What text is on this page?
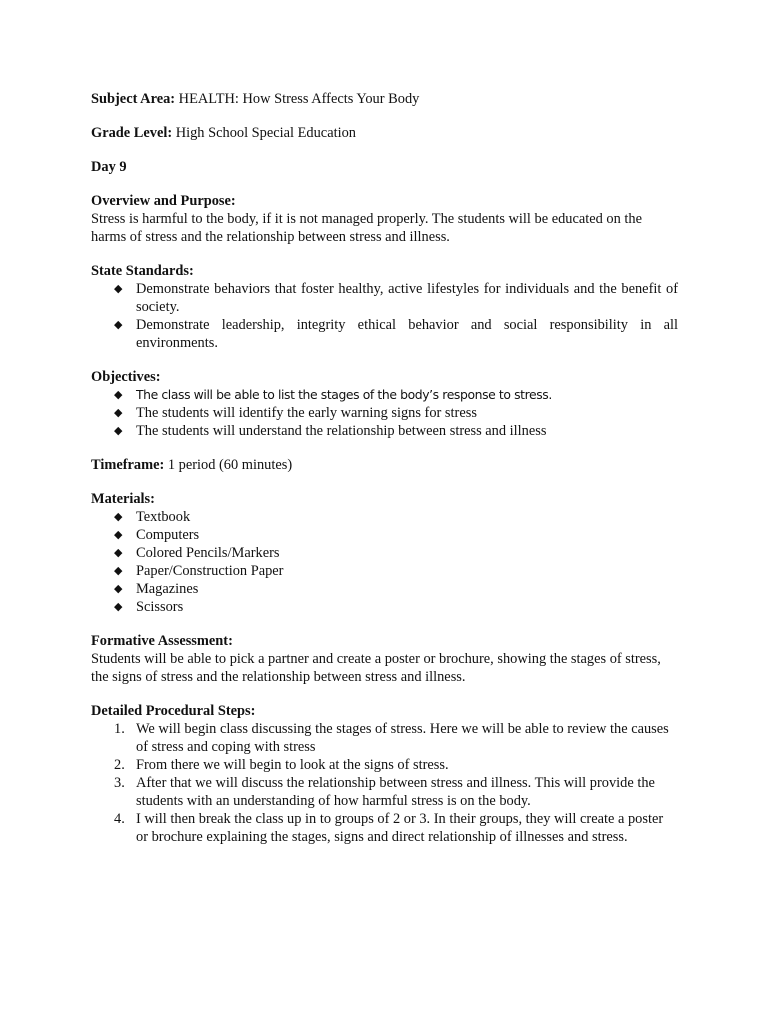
Subject Area: HEALTH: How Stress Affects Your Body

Grade Level: High School Special Education

Day 9

Overview and Purpose:

Stress is harmful to the body, if it is not managed properly. The students will be educated on the harms of stress and the relationship between stress and illness.

State Standards:

◆ Demonstrate behaviors that foster healthy, active lifestyles for individuals and the benefit of society.
◆ Demonstrate leadership, integrity ethical behavior and social responsibility in all environments.

Objectives:

◆ The class will be able to list the stages of the body’s response to stress.
◆ The students will identify the early warning signs for stress
◆ The students will understand the relationship between stress and illness

Timeframe: 1 period (60 minutes)

Materials:

◆ Textbook
◆ Computers
◆ Colored Pencils/Markers
◆ Paper/Construction Paper
◆ Magazines
◆ Scissors

Formative Assessment:

Students will be able to pick a partner and create a poster or brochure, showing the stages of stress, the signs of stress and the relationship between stress and illness.

Detailed Procedural Steps:

1. We will begin class discussing the stages of stress. Here we will be able to review the causes of stress and coping with stress
2. From there we will begin to look at the signs of stress.
3. After that we will discuss the relationship between stress and illness. This will provide the students with an understanding of how harmful stress is on the body.
4. I will then break the class up in to groups of 2 or 3. In their groups, they will create a poster or brochure explaining the stages, signs and direct relationship of illnesses and stress.
